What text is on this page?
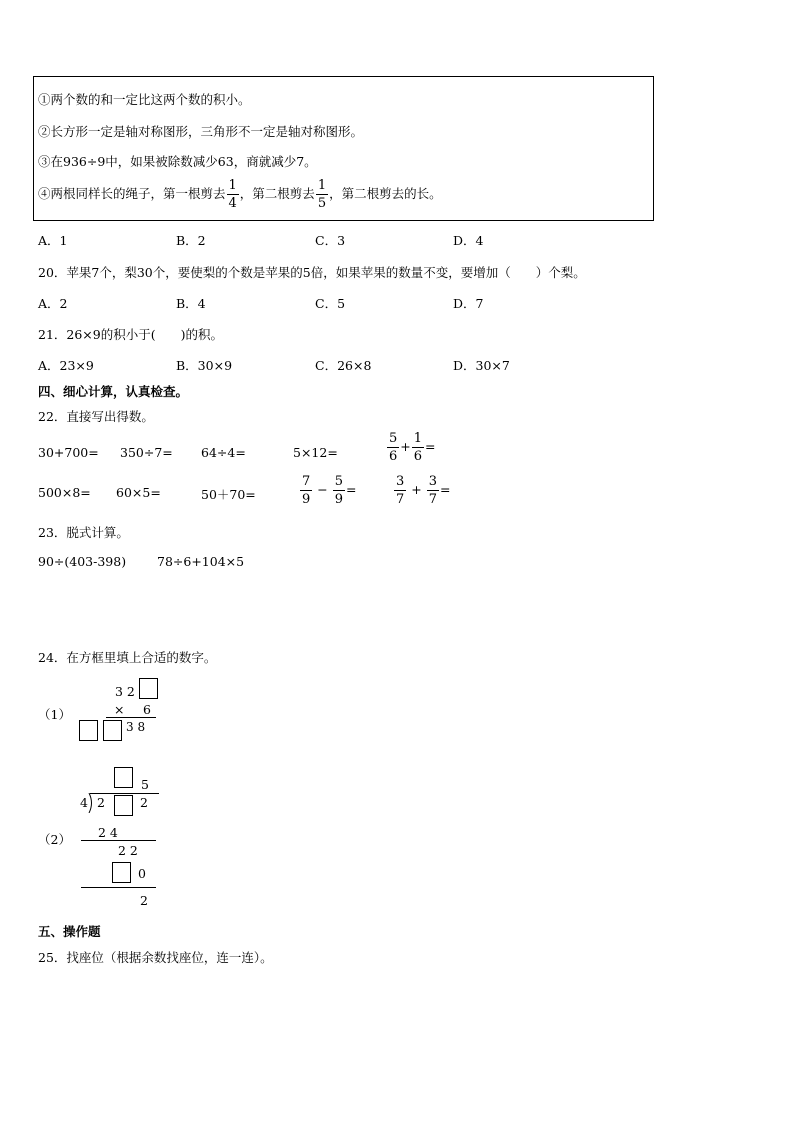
①两个数的和一定比这两个数的积小。
②长方形一定是轴对称图形，三角形不一定是轴对称图形。
③在936÷9中，如果被除数减少63，商就减少7。
④两根同样长的绳子，第一根剪去 $\frac{1}{4}$ ，第二根剪去 $\frac{1}{5}$ ，第二根剪去的长。
A．1	B．2	C．3	D．4
20．苹果7个，梨30个，要使梨的个数是苹果的5倍，如果苹果的数量不变，要增加（　　）个梨。
A．2	B．4	C．5	D．7
21．26×9的积小于(　　)的积。
A．23×9	B．30×9	C．26×8	D．30×7
四、细心计算，认真检查。
22．直接写出得数。
30+700= 350÷7= 64÷4=	5×12=	$\frac{5}{6} + \frac{1}{6}$ =
500×8= 60×5=	50＋70=	$\frac{7}{9} - \frac{5}{9}$ =	$\frac{3}{7} + \frac{3}{7}$ =
23．脱式计算。
90÷(403-398) 78÷6+104×5
24．在方框里填上合适的数字。
（1）
3 2
× 6
3 8
（2）
5
4 2	2
2 4
2 2
0
2
五、操作题
25．找座位（根据余数找座位，连一连）。
